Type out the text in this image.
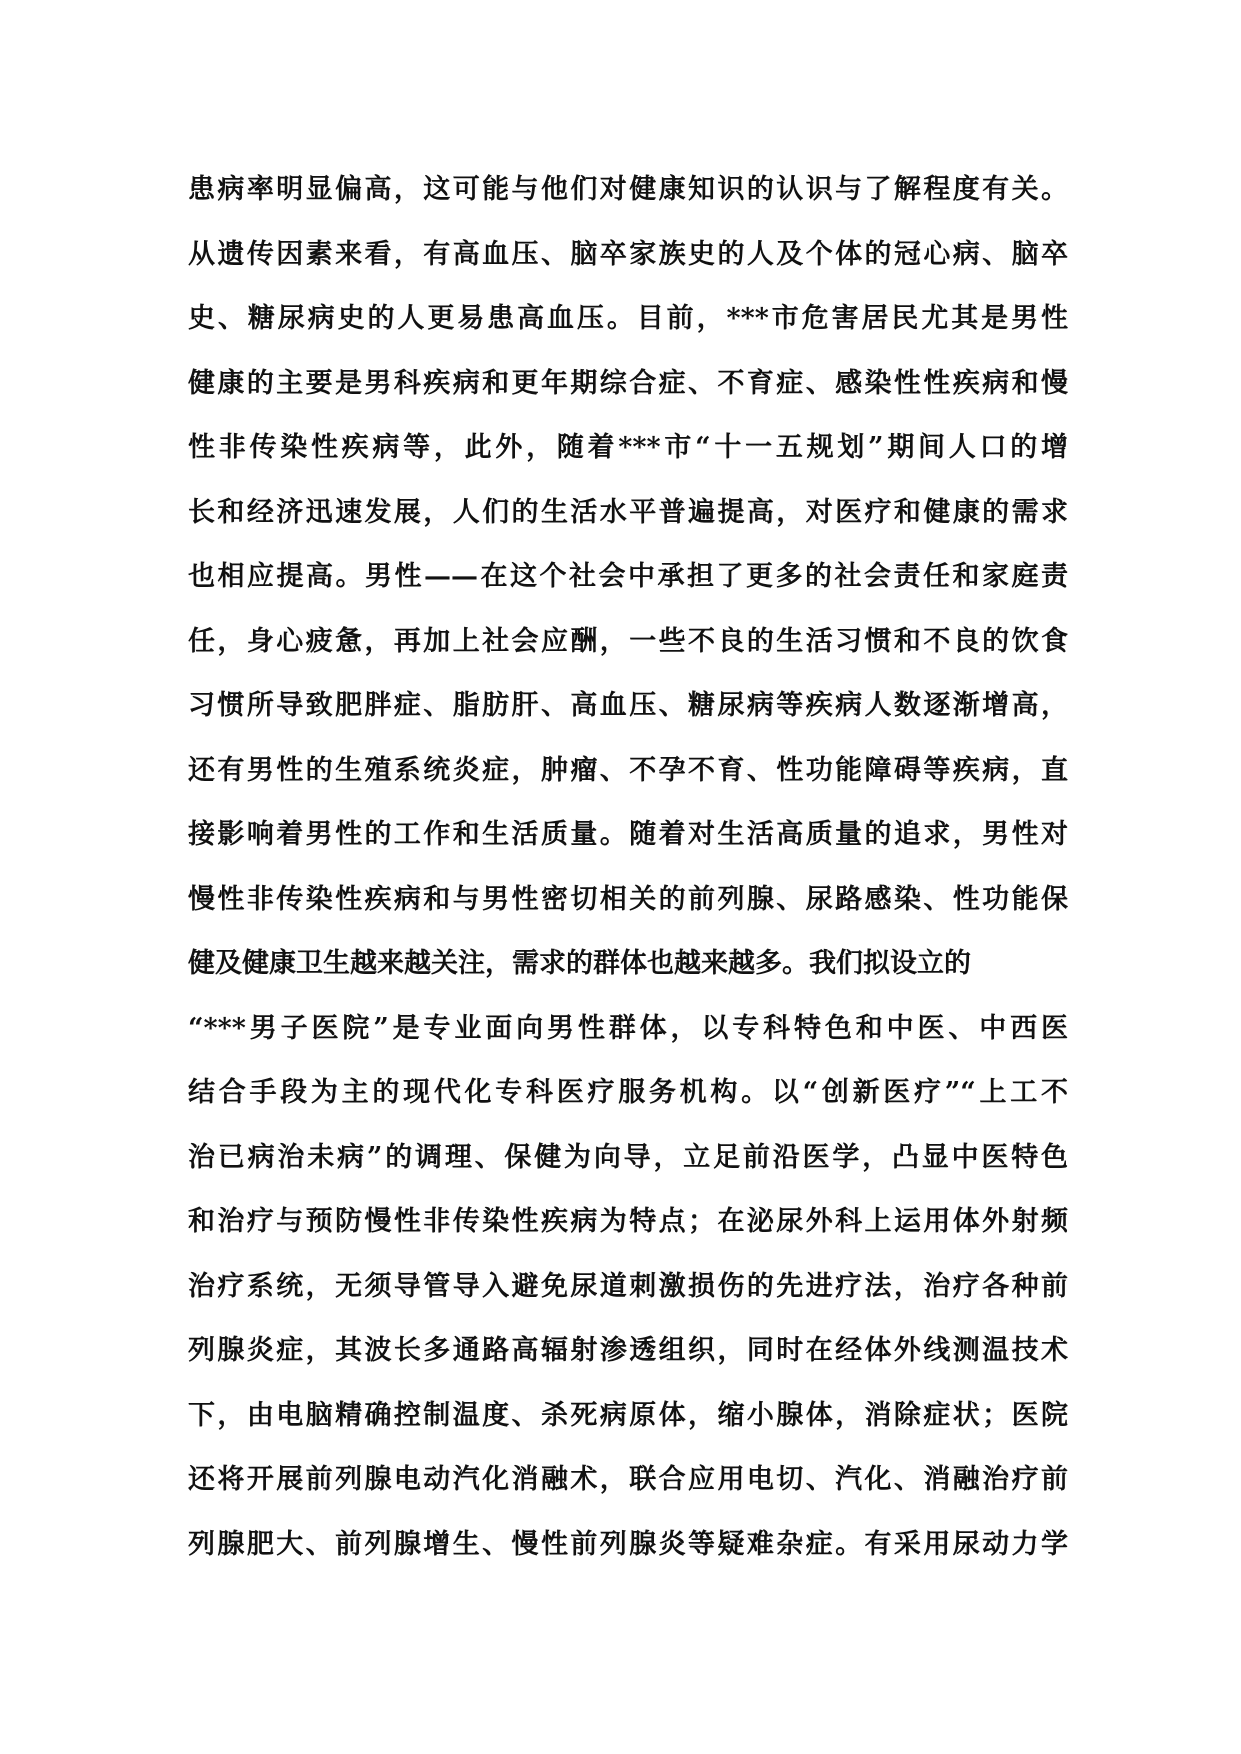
患病率明显偏高，这可能与他们对健康知识的认识与了解程度有关。
从遗传因素来看，有高血压、脑卒家族史的人及个体的冠心病、脑卒
史、糖尿病史的人更易患高血压。目前，***市危害居民尤其是男性
健康的主要是男科疾病和更年期综合症、不育症、感染性性疾病和慢
性非传染性疾病等，此外，随着***市“十一五规划”期间人口的增
长和经济迅速发展，人们的生活水平普遍提高，对医疗和健康的需求
也相应提高。男性——在这个社会中承担了更多的社会责任和家庭责
任，身心疲惫，再加上社会应酬，一些不良的生活习惯和不良的饮食
习惯所导致肥胖症、脂肪肝、高血压、糖尿病等疾病人数逐渐增高，
还有男性的生殖系统炎症，肿瘤、不孕不育、性功能障碍等疾病，直
接影响着男性的工作和生活质量。随着对生活高质量的追求，男性对
慢性非传染性疾病和与男性密切相关的前列腺、尿路感染、性功能保
健及健康卫生越来越关注，需求的群体也越来越多。我们拟设立的
“***男子医院”是专业面向男性群体，以专科特色和中医、中西医
结合手段为主的现代化专科医疗服务机构。以“创新医疗”“上工不
治已病治未病”的调理、保健为向导，立足前沿医学，凸显中医特色
和治疗与预防慢性非传染性疾病为特点；在泌尿外科上运用体外射频
治疗系统，无须导管导入避免尿道刺激损伤的先进疗法，治疗各种前
列腺炎症，其波长多通路高辐射渗透组织，同时在经体外线测温技术
下，由电脑精确控制温度、杀死病原体，缩小腺体，消除症状；医院
还将开展前列腺电动汽化消融术，联合应用电切、汽化、消融治疗前
列腺肥大、前列腺增生、慢性前列腺炎等疑难杂症。有采用尿动力学
